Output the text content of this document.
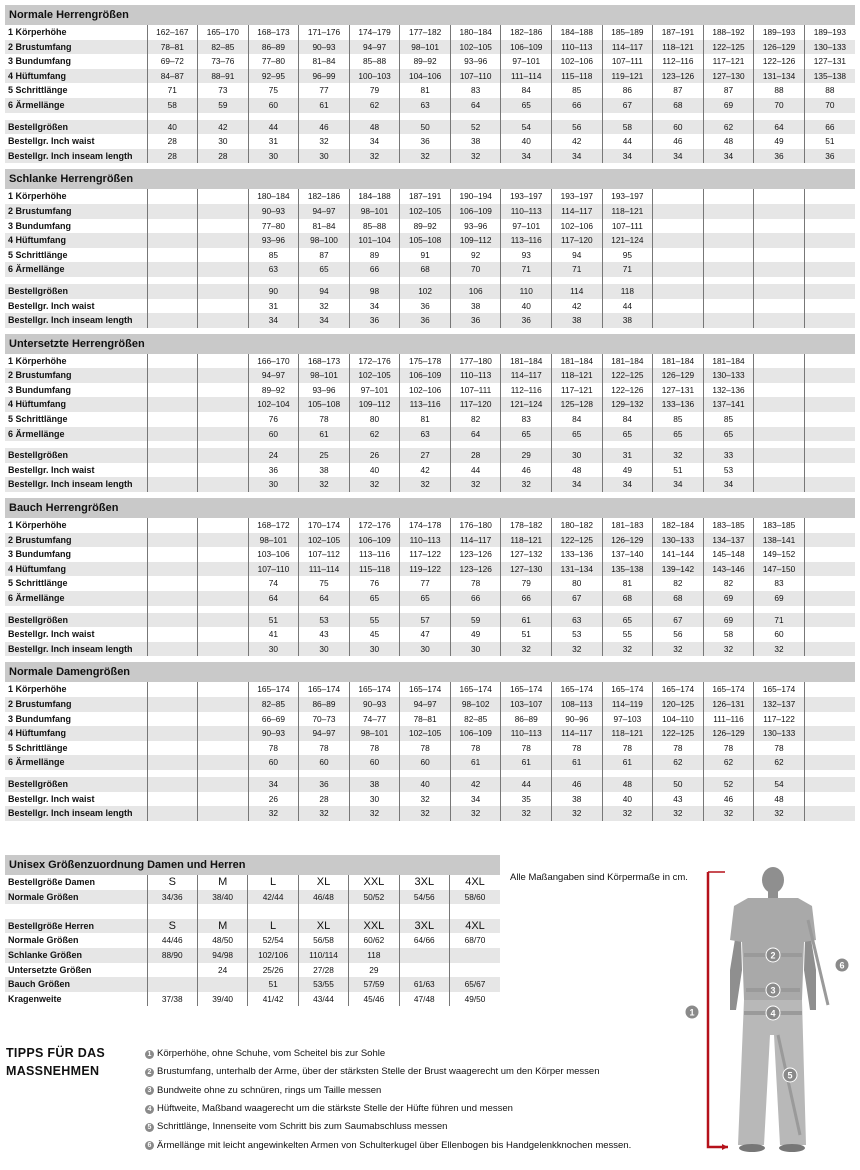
Normale Herrengrößen
1 Körperhöhe	162–167	165–170	168–173	171–176	174–179	177–182	180–184	182–186	184–188	185–189	187–191	188–192	189–193	189–193
2 Brustumfang	78–81	82–85	86–89	90–93	94–97	98–101	102–105	106–109	110–113	114–117	118–121	122–125	126–129	130–133
3 Bundumfang	69–72	73–76	77–80	81–84	85–88	89–92	93–96	97–101	102–106	107–111	112–116	117–121	122–126	127–131
4 Hüftumfang	84–87	88–91	92–95	96–99	100–103	104–106	107–110	111–114	115–118	119–121	123–126	127–130	131–134	135–138
5 Schrittlänge	71	73	75	77	79	81	83	84	85	86	87	87	88	88
6 Ärmellänge	58	59	60	61	62	63	64	65	66	67	68	69	70	70

Bestellgrößen	40	42	44	46	48	50	52	54	56	58	60	62	64	66
Bestellgr. Inch waist	28	30	31	32	34	36	38	40	42	44	46	48	49	51
Bestellgr. Inch inseam length	28	28	30	30	32	32	32	34	34	34	34	34	36	36
Schlanke Herrengrößen
1 Körperhöhe			180–184	182–186	184–188	187–191	190–194	193–197	193–197	193–197				
2 Brustumfang			90–93	94–97	98–101	102–105	106–109	110–113	114–117	118–121				
3 Bundumfang			77–80	81–84	85–88	89–92	93–96	97–101	102–106	107–111				
4 Hüftumfang			93–96	98–100	101–104	105–108	109–112	113–116	117–120	121–124				
5 Schrittlänge			85	87	89	91	92	93	94	95				
6 Ärmellänge			63	65	66	68	70	71	71	71				

Bestellgrößen			90	94	98	102	106	110	114	118				
Bestellgr. Inch waist			31	32	34	36	38	40	42	44				
Bestellgr. Inch inseam length			34	34	36	36	36	36	38	38				
Untersetzte Herrengrößen
1 Körperhöhe			166–170	168–173	172–176	175–178	177–180	181–184	181–184	181–184	181–184	181–184		
2 Brustumfang			94–97	98–101	102–105	106–109	110–113	114–117	118–121	122–125	126–129	130–133		
3 Bundumfang			89–92	93–96	97–101	102–106	107–111	112–116	117–121	122–126	127–131	132–136		
4 Hüftumfang			102–104	105–108	109–112	113–116	117–120	121–124	125–128	129–132	133–136	137–141		
5 Schrittlänge			76	78	80	81	82	83	84	84	85	85		
6 Ärmellänge			60	61	62	63	64	65	65	65	65	65		

Bestellgrößen			24	25	26	27	28	29	30	31	32	33		
Bestellgr. Inch waist			36	38	40	42	44	46	48	49	51	53		
Bestellgr. Inch inseam length			30	32	32	32	32	32	34	34	34	34		
Bauch Herrengrößen
1 Körperhöhe			168–172	170–174	172–176	174–178	176–180	178–182	180–182	181–183	182–184	183–185	183–185	
2 Brustumfang			98–101	102–105	106–109	110–113	114–117	118–121	122–125	126–129	130–133	134–137	138–141	
3 Bundumfang			103–106	107–112	113–116	117–122	123–126	127–132	133–136	137–140	141–144	145–148	149–152	
4 Hüftumfang			107–110	111–114	115–118	119–122	123–126	127–130	131–134	135–138	139–142	143–146	147–150	
5 Schrittlänge			74	75	76	77	78	79	80	81	82	82	83	
6 Ärmellänge			64	64	65	65	66	66	67	68	68	69	69	

Bestellgrößen			51	53	55	57	59	61	63	65	67	69	71	
Bestellgr. Inch waist			41	43	45	47	49	51	53	55	56	58	60	
Bestellgr. Inch inseam length			30	30	30	30	30	32	32	32	32	32	32	
Normale Damengrößen
1 Körperhöhe			165–174	165–174	165–174	165–174	165–174	165–174	165–174	165–174	165–174	165–174	165–174	
2 Brustumfang			82–85	86–89	90–93	94–97	98–102	103–107	108–113	114–119	120–125	126–131	132–137	
3 Bundumfang			66–69	70–73	74–77	78–81	82–85	86–89	90–96	97–103	104–110	111–116	117–122	
4 Hüftumfang			90–93	94–97	98–101	102–105	106–109	110–113	114–117	118–121	122–125	126–129	130–133	
5 Schrittlänge			78	78	78	78	78	78	78	78	78	78	78	
6 Ärmellänge			60	60	60	60	61	61	61	61	62	62	62	

Bestellgrößen			34	36	38	40	42	44	46	48	50	52	54	
Bestellgr. Inch waist			26	28	30	32	34	35	38	40	43	46	48	
Bestellgr. Inch inseam length			32	32	32	32	32	32	32	32	32	32	32	
Unisex Größenzuordnung Damen und Herren
Bestellgröße Damen	S	M	L	XL	XXL	3XL	4XL
Normale Größen	34/36	38/40	42/44	46/48	50/52	54/56	58/60

Bestellgröße Herren	S	M	L	XL	XXL	3XL	4XL
Normale Größen	44/46	48/50	52/54	56/58	60/62	64/66	68/70
Schlanke Größen	88/90	94/98	102/106	110/114	118		
Untersetzte Größen		24	25/26	27/28	29		
Bauch Größen			51	53/55	57/59	61/63	65/67
Kragenweite	37/38	39/40	41/42	43/44	45/46	47/48	49/50
Alle Maßangaben sind Körpermaße in cm.
TIPPS FÜR DAS MASSNEHMEN
1 Körperhöhe, ohne Schuhe, vom Scheitel bis zur Sohle
2 Brustumfang, unterhalb der Arme, über der stärksten Stelle der Brust waagerecht um den Körper messen
3 Bundweite ohne zu schnüren, rings um Taille messen
4 Hüftweite, Maßband waagerecht um die stärkste Stelle der Hüfte führen und messen
5 Schrittlänge, Innenseite vom Schritt bis zum Saumabschluss messen
6 Ärmellänge mit leicht angewinkelten Armen von Schulterkugel über Ellenbogen bis Handgelenkknochen messen.
2
3
4
5
6
1
